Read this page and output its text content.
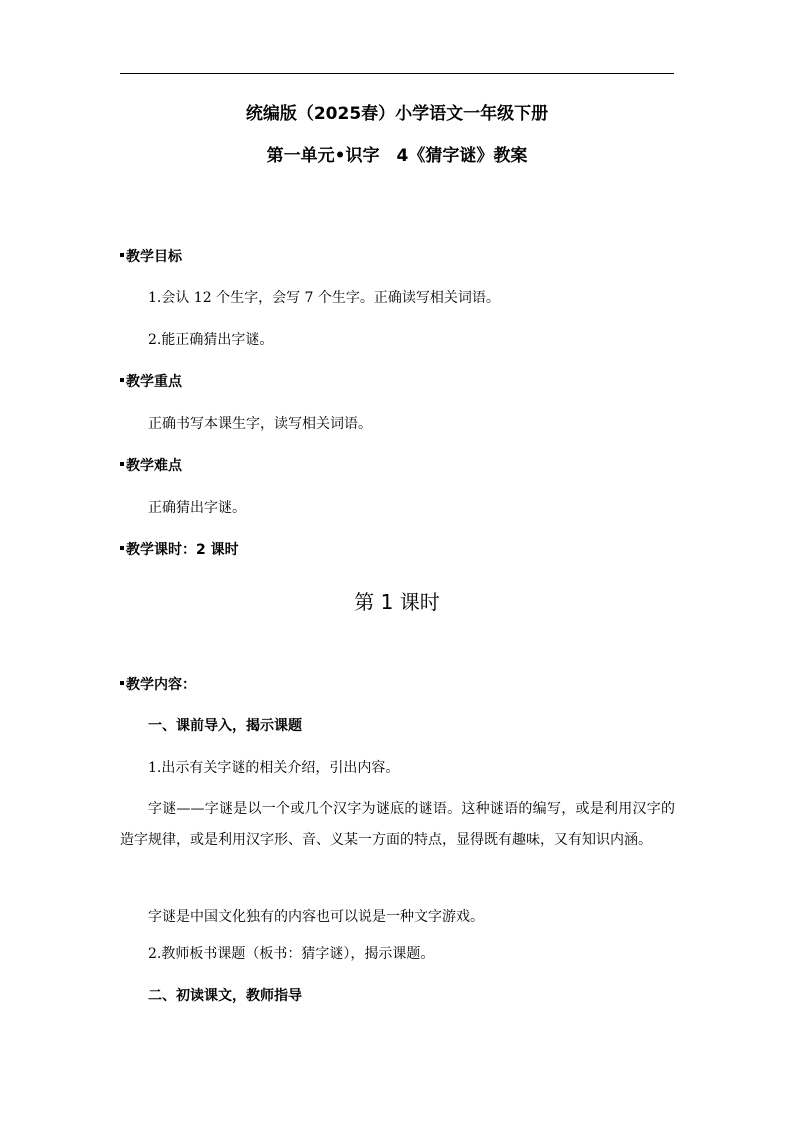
统编版（2025春）小学语文一年级下册
第一单元•识字　4《猜字谜》教案
教学目标
1.会认 12 个生字，会写 7 个生字。正确读写相关词语。
2.能正确猜出字谜。
教学重点
正确书写本课生字，读写相关词语。
教学难点
正确猜出字谜。
教学课时：2 课时
第 1 课时
教学内容：
一、课前导入，揭示课题
1.出示有关字谜的相关介绍，引出内容。
字谜——字谜是以一个或几个汉字为谜底的谜语。这种谜语的编写，或是利用汉字的造字规律，或是利用汉字形、音、义某一方面的特点，显得既有趣味，又有知识内涵。
字谜是中国文化独有的内容也可以说是一种文字游戏。
2.教师板书课题（板书：猜字谜），揭示课题。
二、初读课文，教师指导
